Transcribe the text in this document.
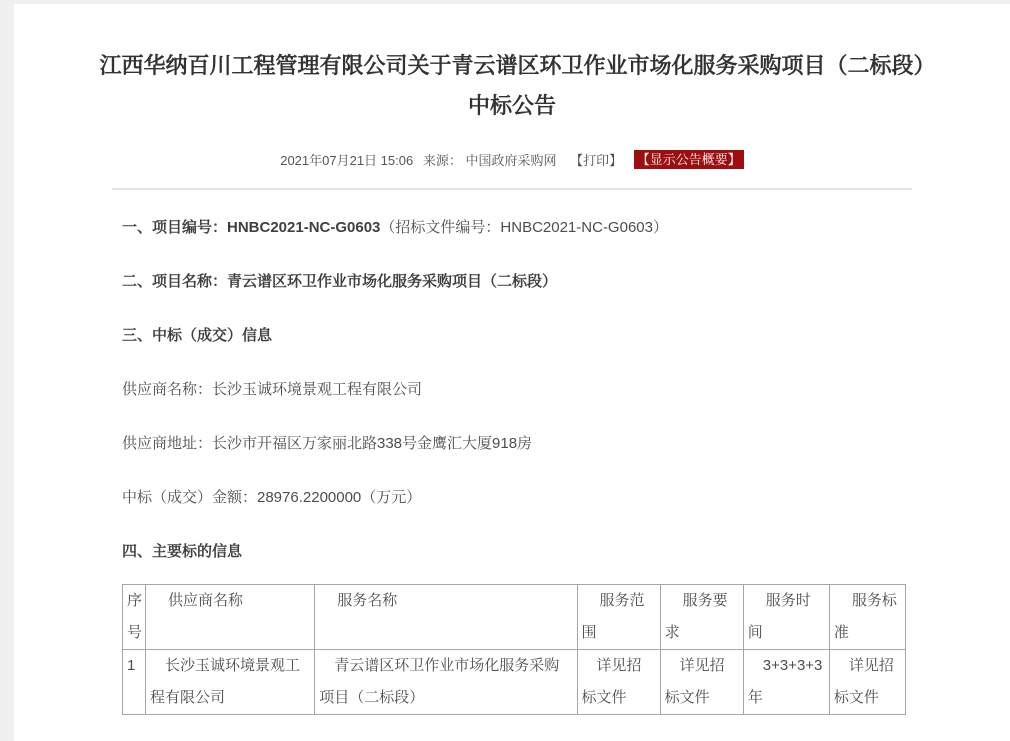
江西华纳百川工程管理有限公司关于青云谱区环卫作业市场化服务采购项目（二标段）中标公告
2021年07月21日 15:06 来源： 中国政府采购网 【打印】 【显示公告概要】

一、项目编号：HNBC2021-NC-G0603（招标文件编号：HNBC2021-NC-G0603）

二、项目名称：青云谱区环卫作业市场化服务采购项目（二标段）

三、中标（成交）信息

供应商名称：长沙玉诚环境景观工程有限公司

供应商地址：长沙市开福区万家丽北路338号金鹰汇大厦918房

中标（成交）金额：28976.2200000（万元）

四、主要标的信息

序号	供应商名称	服务名称	服务范围	服务要求	服务时间	服务标准
1	长沙玉诚环境景观工程有限公司	青云谱区环卫作业市场化服务采购项目（二标段）	详见招标文件	详见招标文件	3+3+3+3年	详见招标文件
